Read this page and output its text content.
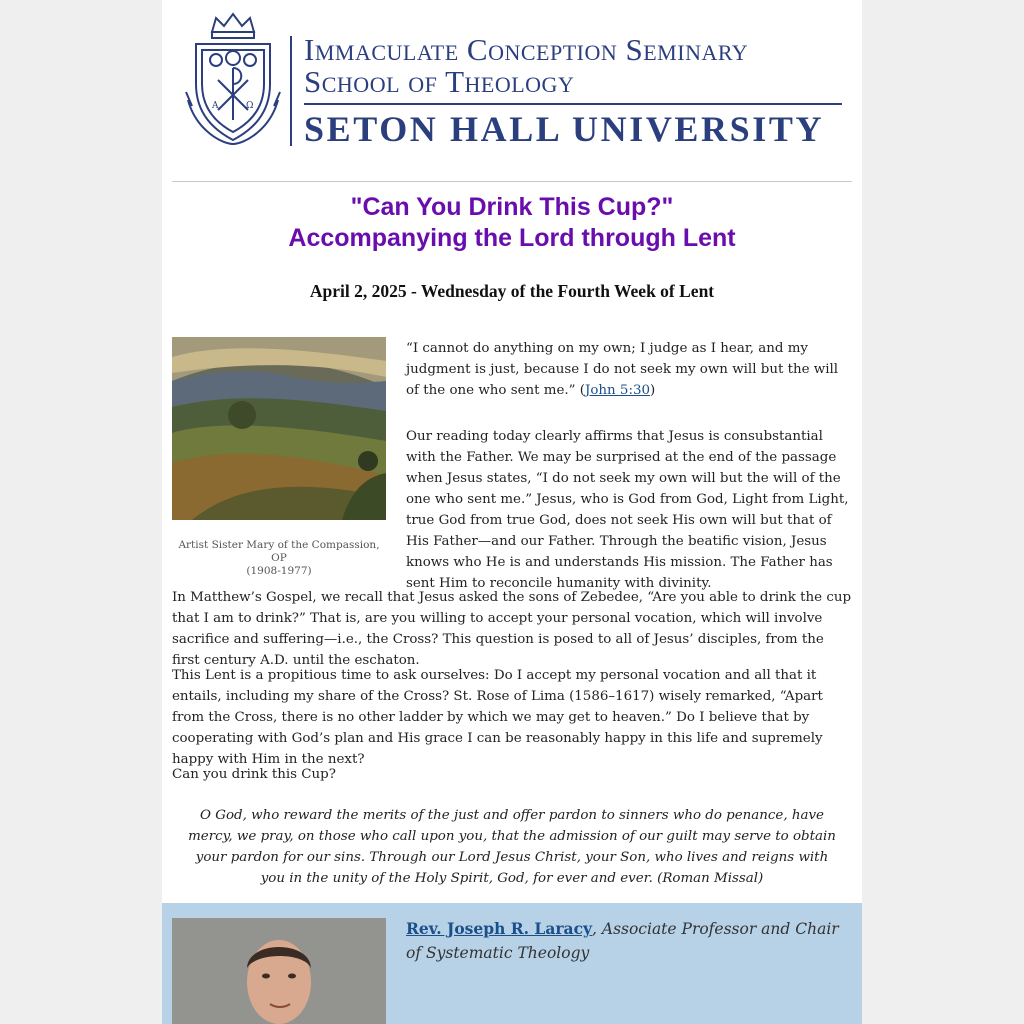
A	Ω
Immaculate Conception Seminary
School of Theology
SETON HALL UNIVERSITY
"Can You Drink This Cup?"
Accompanying the Lord through Lent
April 2, 2025 - Wednesday of the Fourth Week of Lent
Artist Sister Mary of the Compassion, OP
(1908-1977)
“I cannot do anything on my own; I judge as I hear, and my judgment is just, because I do not seek my own will but the will of the one who sent me.” (John 5:30)
Our reading today clearly affirms that Jesus is consubstantial with the Father. We may be surprised at the end of the passage when Jesus states, “I do not seek my own will but the will of the one who sent me.” Jesus, who is God from God, Light from Light, true God from true God, does not seek His own will but that of His Father—and our Father. Through the beatific vision, Jesus knows who He is and understands His mission. The Father has sent Him to reconcile humanity with divinity.
In Matthew’s Gospel, we recall that Jesus asked the sons of Zebedee, “Are you able to drink the cup that I am to drink?” That is, are you willing to accept your personal vocation, which will involve sacrifice and suffering—i.e., the Cross? This question is posed to all of Jesus’ disciples, from the first century A.D. until the eschaton.
This Lent is a propitious time to ask ourselves: Do I accept my personal vocation and all that it entails, including my share of the Cross? St. Rose of Lima (1586–1617) wisely remarked, “Apart from the Cross, there is no other ladder by which we may get to heaven.” Do I believe that by cooperating with God’s plan and His grace I can be reasonably happy in this life and supremely happy with Him in the next?
Can you drink this Cup?
O God, who reward the merits of the just and offer pardon to sinners who do penance, have mercy, we pray, on those who call upon you, that the admission of our guilt may serve to obtain your pardon for our sins. Through our Lord Jesus Christ, your Son, who lives and reigns with you in the unity of the Holy Spirit, God, for ever and ever. (Roman Missal)
Rev. Joseph R. Laracy, Associate Professor and Chair of Systematic Theology
